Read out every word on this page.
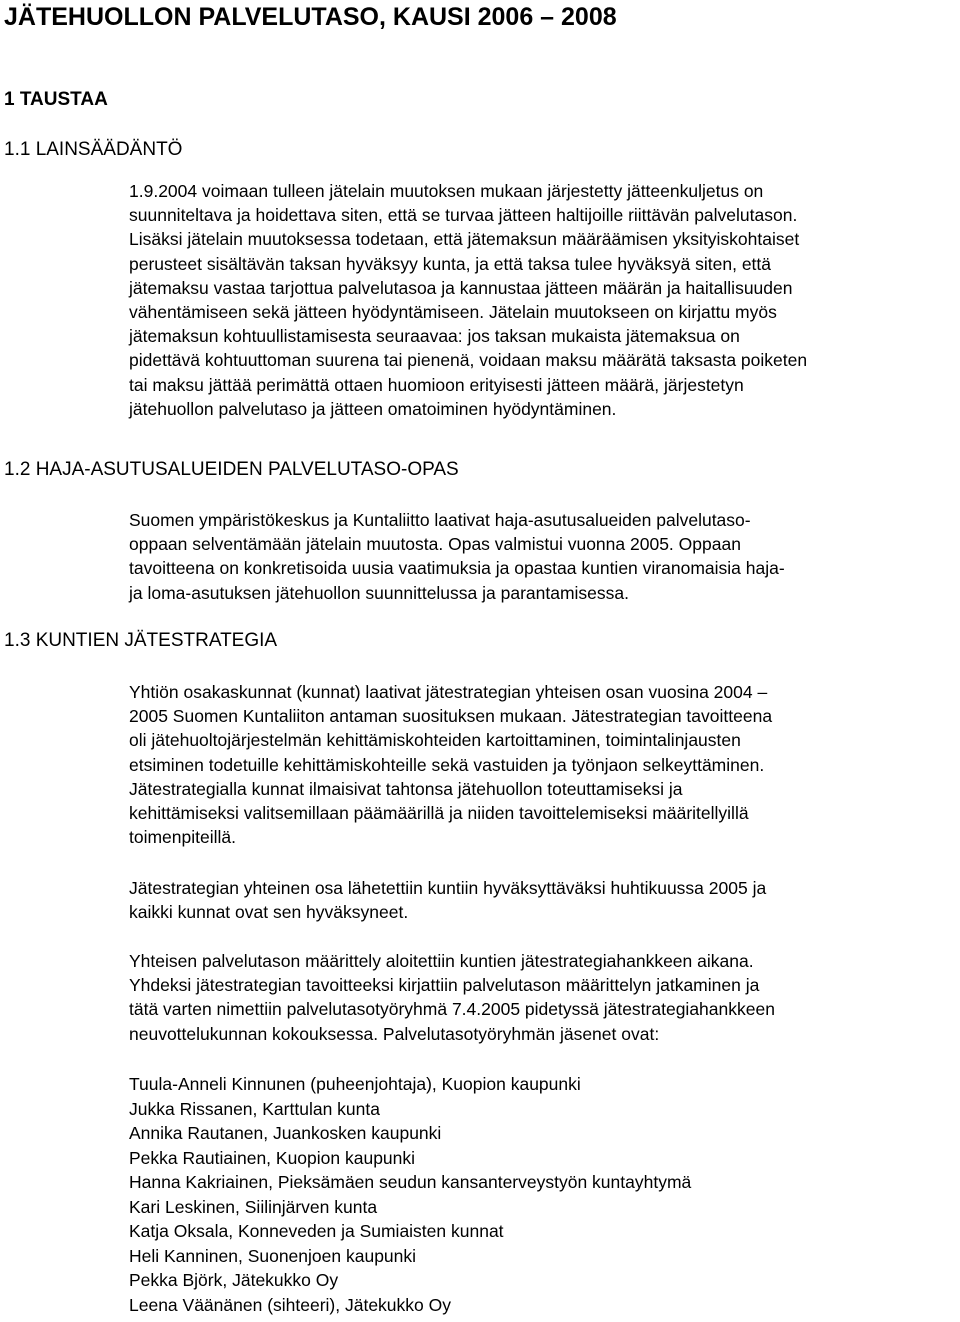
JÄTEHUOLLON PALVELUTASO, KAUSI 2006 – 2008
1 TAUSTAA
1.1 LAINSÄÄDÄNTÖ
1.9.2004 voimaan tulleen jätelain muutoksen mukaan järjestetty jätteenkuljetus on
suunniteltava ja hoidettava siten, että se turvaa jätteen haltijoille riittävän palvelutason.
Lisäksi jätelain muutoksessa todetaan, että jätemaksun määräämisen yksityiskohtaiset
perusteet sisältävän taksan hyväksyy kunta, ja että taksa tulee hyväksyä siten, että
jätemaksu vastaa tarjottua palvelutasoa ja kannustaa jätteen määrän ja haitallisuuden
vähentämiseen sekä jätteen hyödyntämiseen. Jätelain muutokseen on kirjattu myös
jätemaksun kohtuullistamisesta seuraavaa: jos taksan mukaista jätemaksua on
pidettävä kohtuuttoman suurena tai pienenä, voidaan maksu määrätä taksasta poiketen
tai maksu jättää perimättä ottaen huomioon erityisesti jätteen määrä, järjestetyn
jätehuollon palvelutaso ja jätteen omatoiminen hyödyntäminen.
1.2 HAJA-ASUTUSALUEIDEN PALVELUTASO-OPAS
Suomen ympäristökeskus ja Kuntaliitto laativat haja-asutusalueiden palvelutaso-
oppaan selventämään jätelain muutosta. Opas valmistui vuonna 2005. Oppaan
tavoitteena on konkretisoida uusia vaatimuksia ja opastaa kuntien viranomaisia haja-
ja loma-asutuksen jätehuollon suunnittelussa ja parantamisessa.
1.3 KUNTIEN JÄTESTRATEGIA
Yhtiön osakaskunnat (kunnat) laativat jätestrategian yhteisen osan vuosina 2004 –
2005 Suomen Kuntaliiton antaman suosituksen mukaan. Jätestrategian tavoitteena
oli jätehuoltojärjestelmän kehittämiskohteiden kartoittaminen, toimintalinjausten
etsiminen todetuille kehittämiskohteille sekä vastuiden ja työnjaon selkeyttäminen.
Jätestrategialla kunnat ilmaisivat tahtonsa jätehuollon toteuttamiseksi ja
kehittämiseksi valitsemillaan päämäärillä ja niiden tavoittelemiseksi määritellyillä
toimenpiteillä.
Jätestrategian yhteinen osa lähetettiin kuntiin hyväksyttäväksi huhtikuussa 2005 ja
kaikki kunnat ovat sen hyväksyneet.
Yhteisen palvelutason määrittely aloitettiin kuntien jätestrategiahankkeen aikana.
Yhdeksi jätestrategian tavoitteeksi kirjattiin palvelutason määrittelyn jatkaminen ja
tätä varten nimettiin palvelutasotyöryhmä 7.4.2005 pidetyssä jätestrategiahankkeen
neuvottelukunnan kokouksessa. Palvelutasotyöryhmän jäsenet ovat:
Tuula-Anneli Kinnunen (puheenjohtaja), Kuopion kaupunki
Jukka Rissanen, Karttulan kunta
Annika Rautanen, Juankosken kaupunki
Pekka Rautiainen, Kuopion kaupunki
Hanna Kakriainen, Pieksämäen seudun kansanterveystyön kuntayhtymä
Kari Leskinen, Siilinjärven kunta
Katja Oksala, Konneveden ja Sumiaisten kunnat
Heli Kanninen, Suonenjoen kaupunki
Pekka Björk, Jätekukko Oy
Leena Väänänen (sihteeri), Jätekukko Oy
